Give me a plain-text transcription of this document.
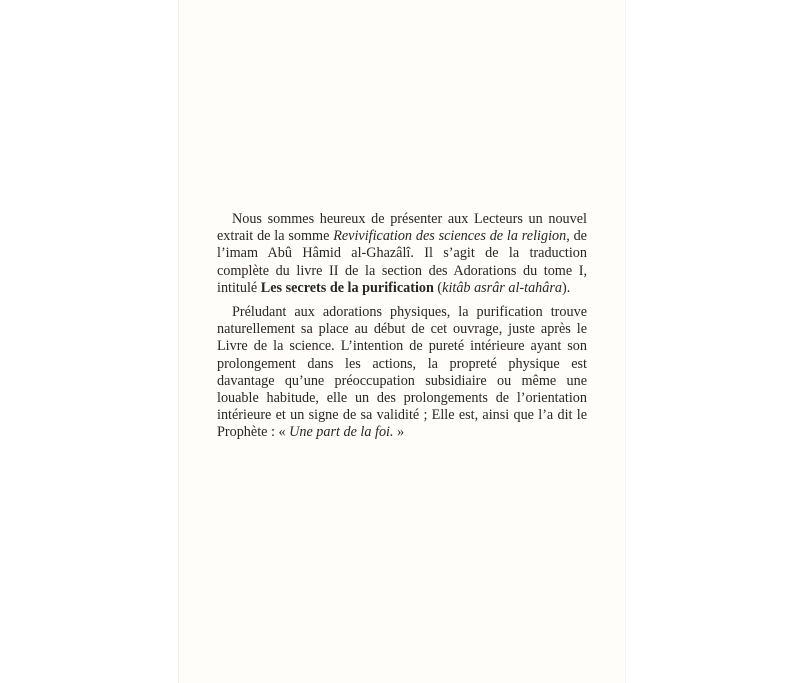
Nous sommes heureux de présenter aux Lecteurs un nouvel extrait de la somme Revivification des sciences de la religion, de l’imam Abû Hâmid al-Ghazâlî. Il s’agit de la traduction complète du livre II de la section des Adorations du tome I, intitulé Les secrets de la purification (kitâb asrâr al-tahâra).

Préludant aux adorations physiques, la purification trouve naturellement sa place au début de cet ouvrage, juste après le Livre de la science. L’intention de pureté intérieure ayant son prolongement dans les actions, la propreté physique est davantage qu’une préoccupation subsidiaire ou même une louable habitude, elle un des prolongements de l’orientation intérieure et un signe de sa validité ; Elle est, ainsi que l’a dit le Prophète : « Une part de la foi. »
